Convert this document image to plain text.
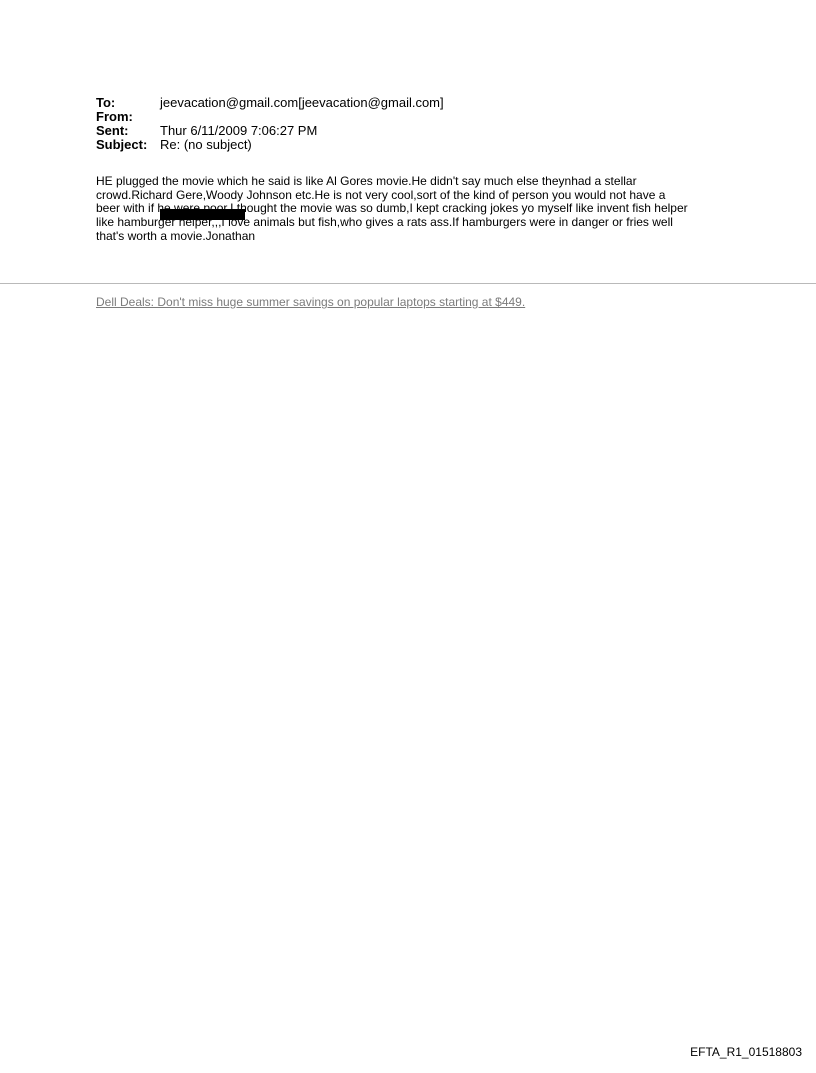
To:	jeevacation@gmail.com[jeevacation@gmail.com]
From:
Sent:	Thur 6/11/2009 7:06:27 PM
Subject: Re: (no subject)
HE plugged the movie which he said is like Al Gores movie.He didn't say much else theynhad a stellar
crowd.Richard Gere,Woody Johnson etc.He is not very cool,sort of the kind of person you would not have a
beer with if he were poor.I thought the movie was so dumb,I kept cracking jokes yo myself like invent fish helper
like hamburger helper,,,I love animals but fish,who gives a rats ass.If hamburgers were in danger or fries well
that's worth a movie.Jonathan
Dell Deals: Don't miss huge summer savings on popular laptops starting at $449.
EFTA_R1_01518803
